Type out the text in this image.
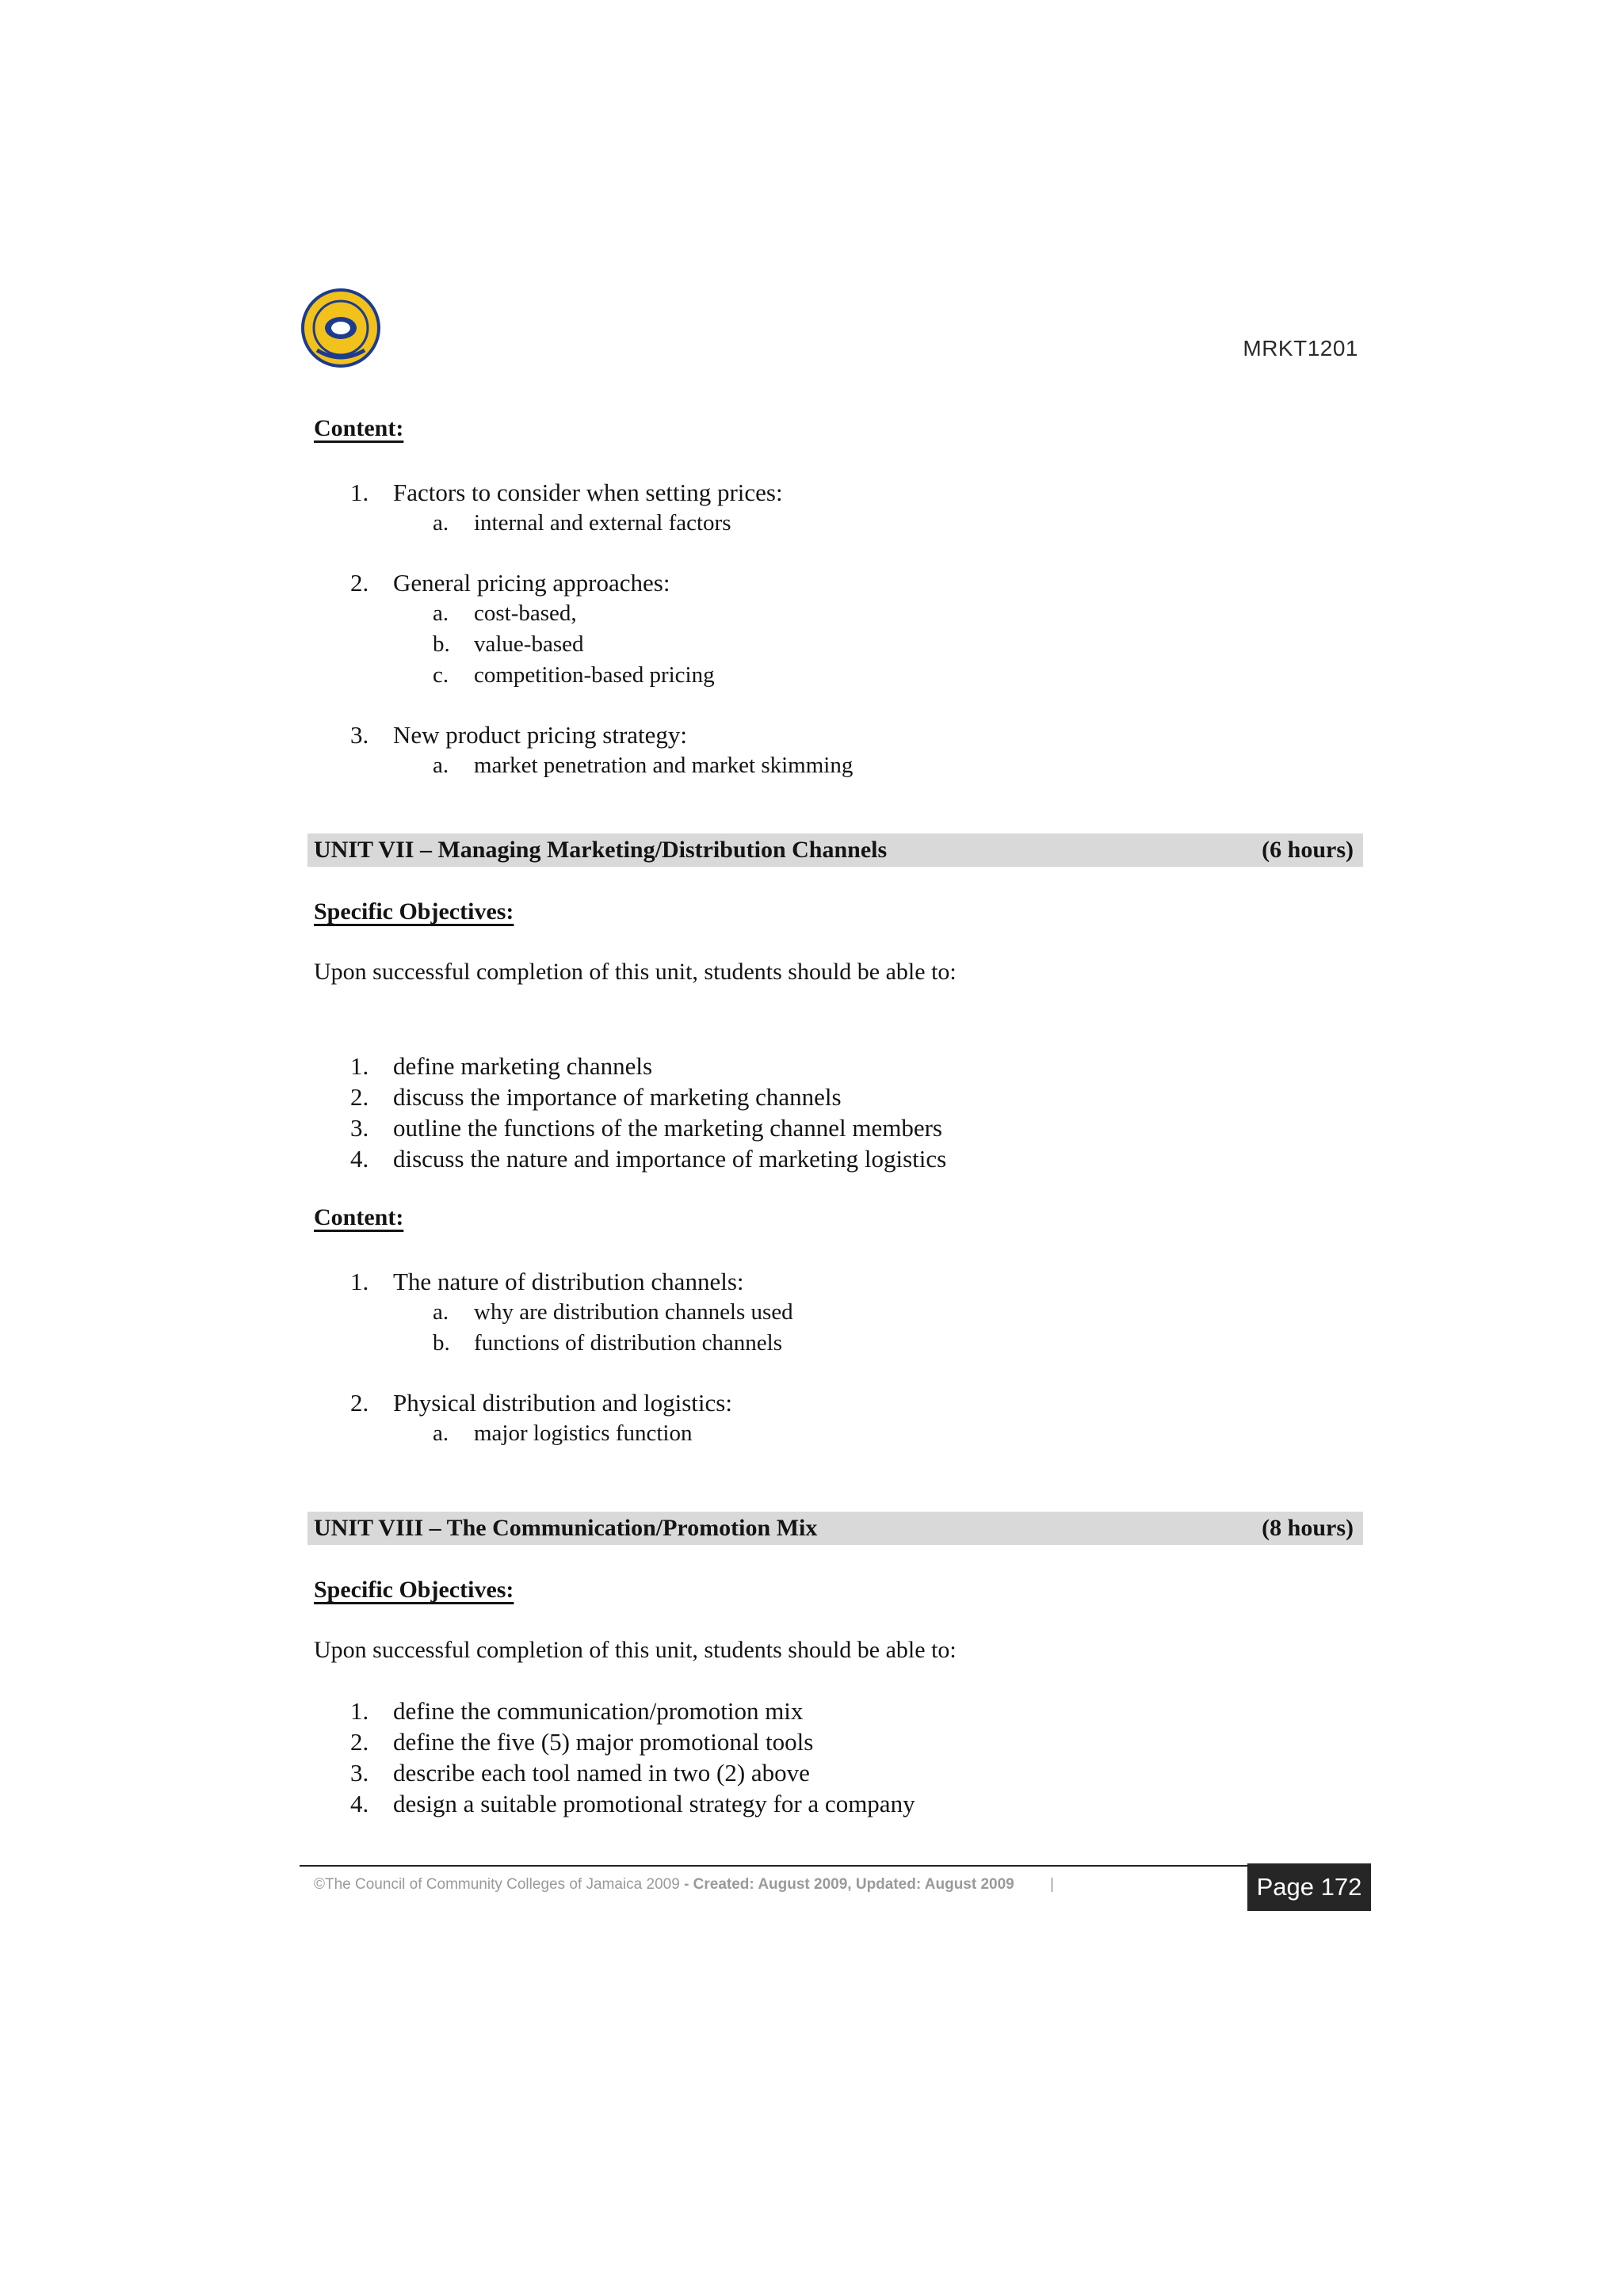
MRKT1201
Content:
1. Factors to consider when setting prices:
a. internal and external factors
2. General pricing approaches:
a. cost-based,
b. value-based
c. competition-based pricing
3. New product pricing strategy:
a. market penetration and market skimming
UNIT VII – Managing Marketing/Distribution Channels	(6 hours)
Specific Objectives:

Upon successful completion of this unit, students should be able to:

1. define marketing channels
2. discuss the importance of marketing channels
3. outline the functions of the marketing channel members
4. discuss the nature and importance of marketing logistics
Content:
1. The nature of distribution channels:
a. why are distribution channels used
b. functions of distribution channels
2. Physical distribution and logistics:
a. major logistics function
UNIT VIII – The Communication/Promotion Mix	(8 hours)
Specific Objectives:

Upon successful completion of this unit, students should be able to:

1. define the communication/promotion mix
2. define the five (5) major promotional tools
3. describe each tool named in two (2) above
4. design a suitable promotional strategy for a company
©The Council of Community Colleges of Jamaica 2009 - Created: August 2009, Updated: August 2009 |	Page 172
